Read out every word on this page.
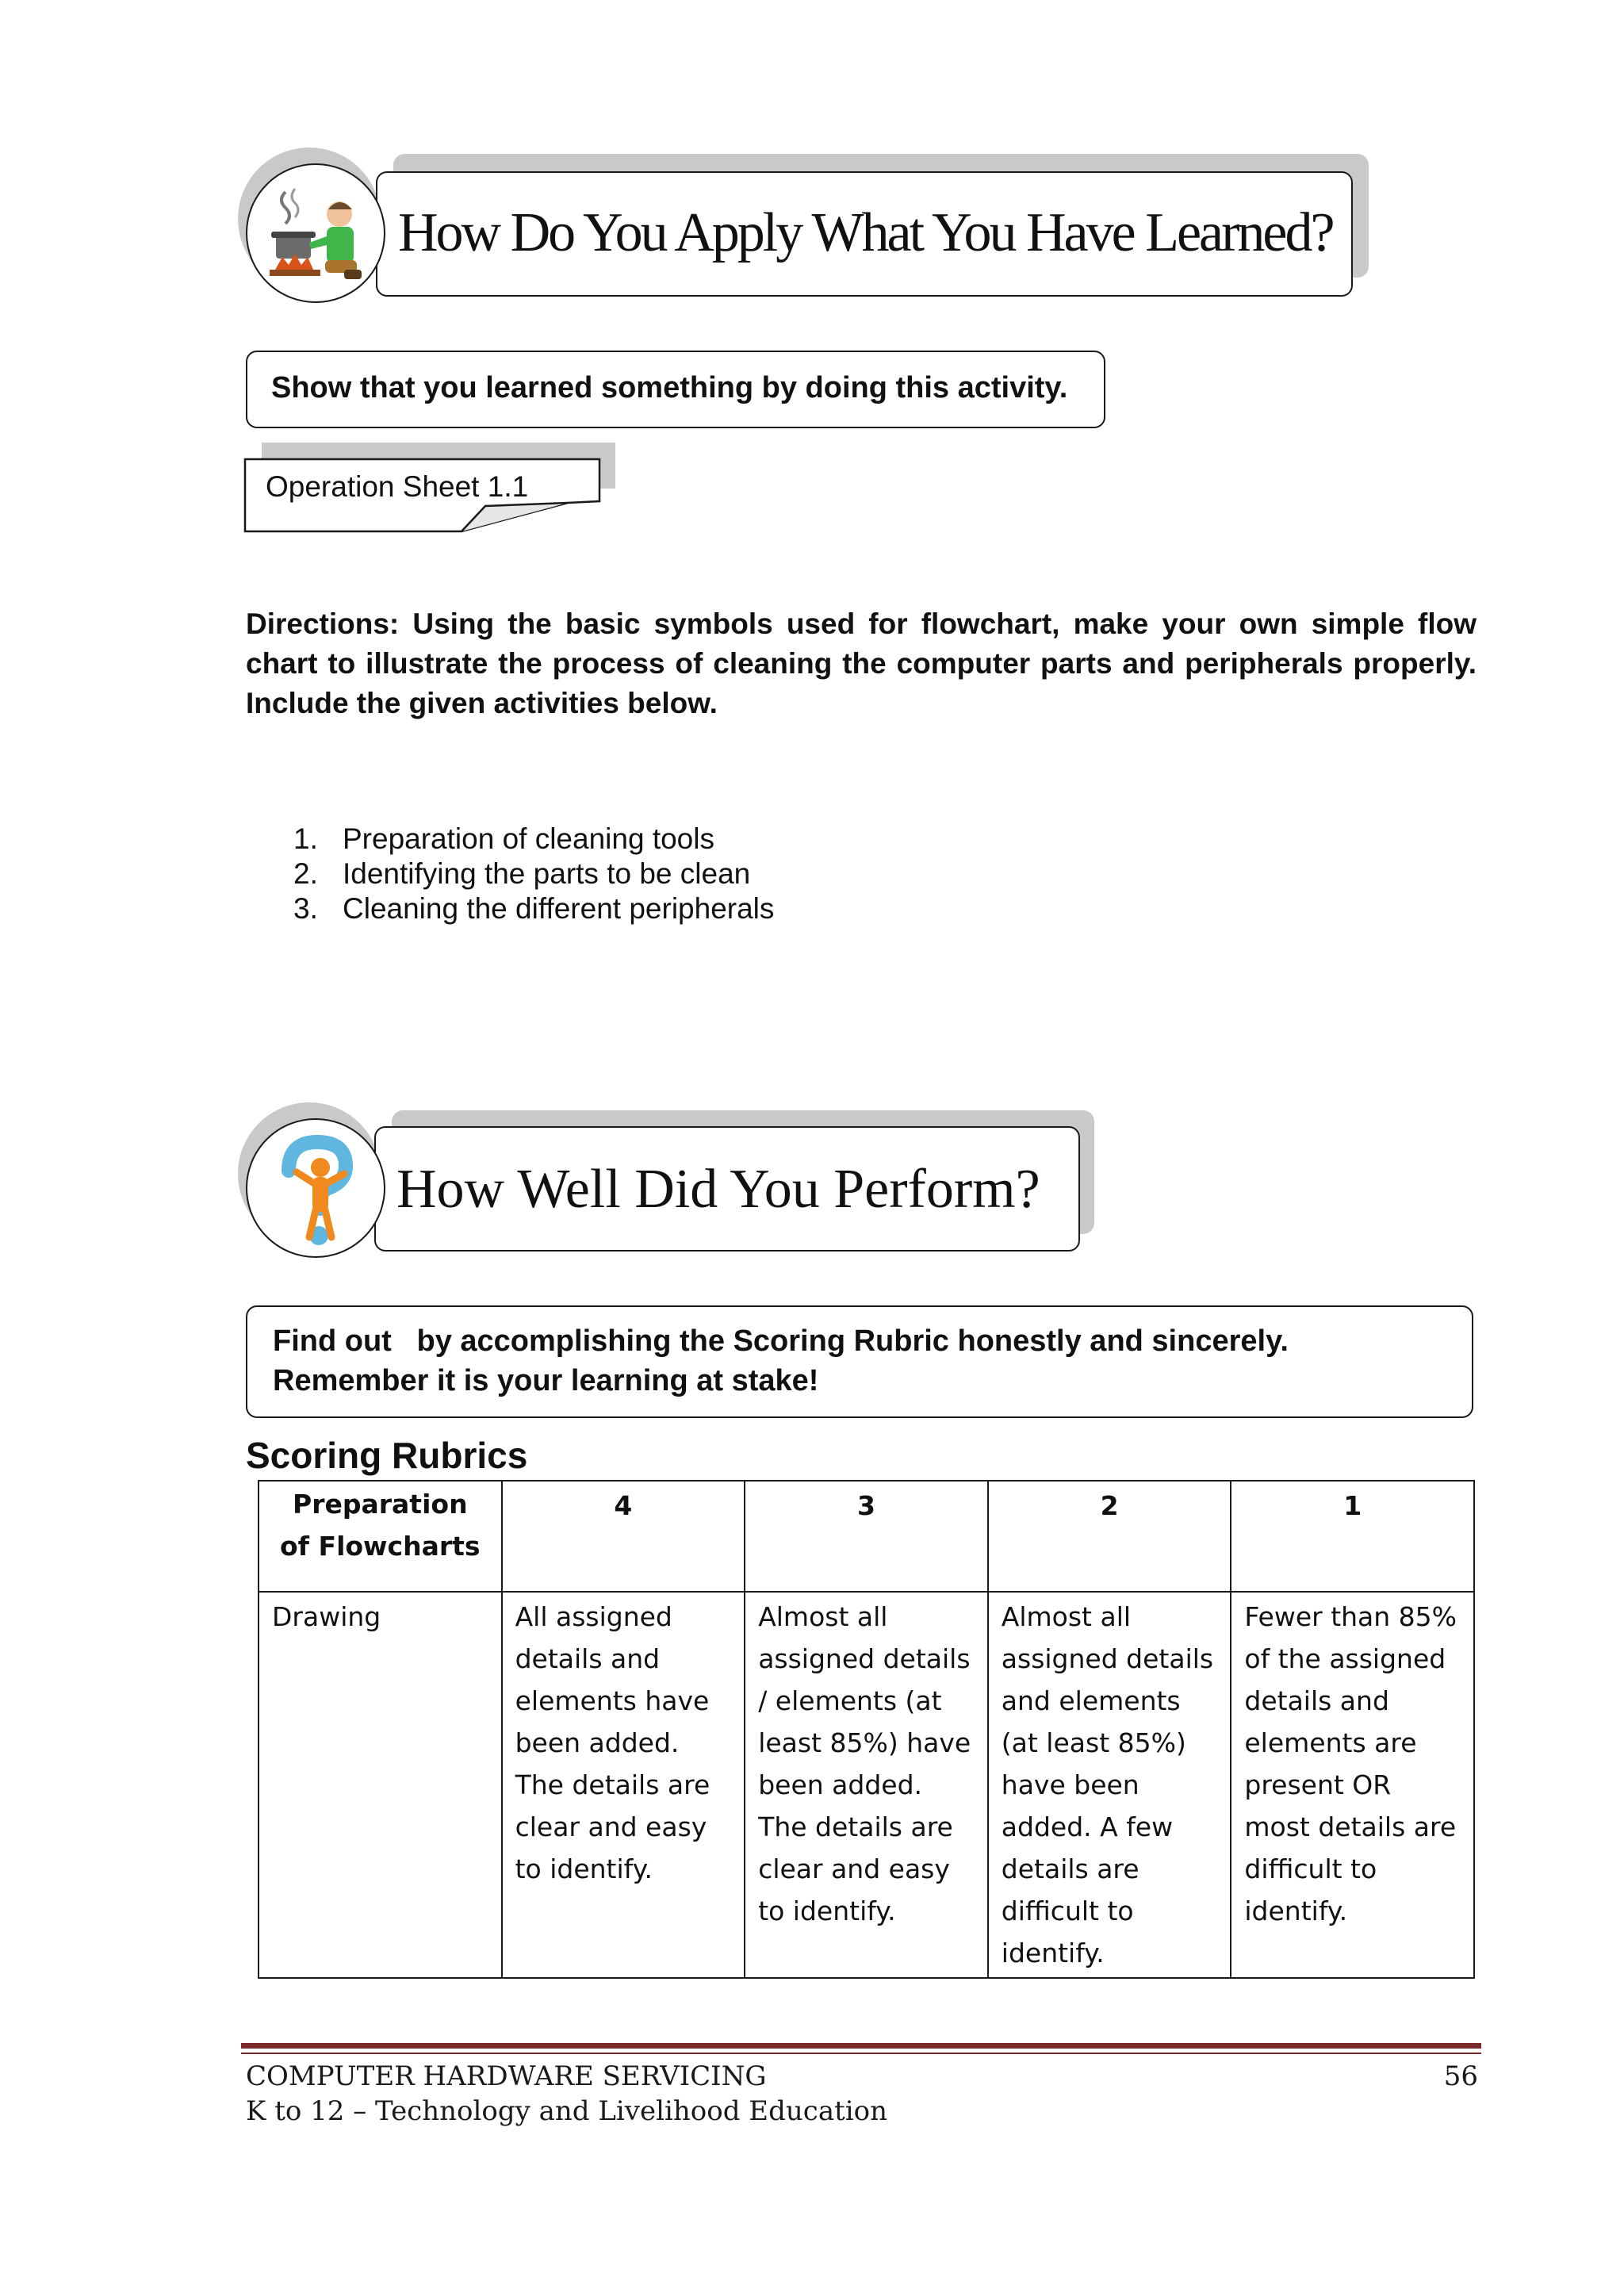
How Do You Apply What You Have Learned?
Show that you learned something by doing this activity.
Operation Sheet 1.1
Directions: Using the basic symbols used for flowchart, make your own simple flow chart to illustrate the process of cleaning the computer parts and peripherals properly. Include the given activities below.
1. Preparation of cleaning tools
2. Identifying the parts to be clean
3. Cleaning the different peripherals
How Well Did You Perform?
Find out   by accomplishing the Scoring Rubric honestly and sincerely.
Remember it is your learning at stake!
Scoring Rubrics
Preparation of Flowcharts	4	3	2	1
Drawing	All assigned details and elements have been added. The details are clear and easy to identify.	Almost all assigned details / elements (at least 85%) have been added. The details are clear and easy to identify.	Almost all assigned details and elements (at least 85%) have been added. A few details are difficult to identify.	Fewer than 85% of the assigned details and elements are present OR most details are difficult to identify.
COMPUTER HARDWARE SERVICING
K to 12 – Technology and Livelihood Education
56
